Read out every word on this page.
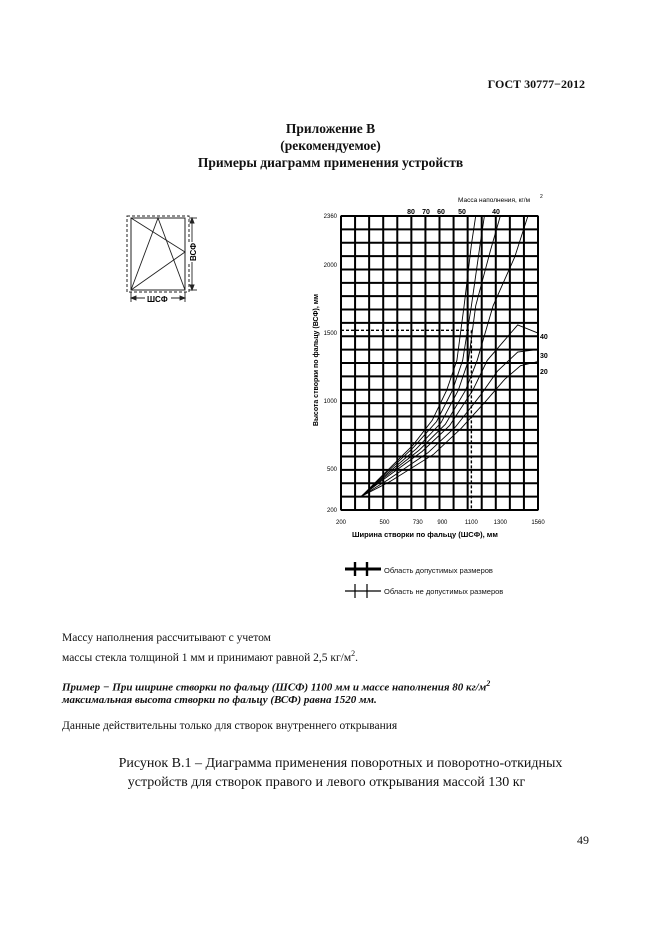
ГОСТ 30777−2012
Приложение В
(рекомендуемое)
Примеры диаграмм применения устройств
ВСФ
ШСФ
200	500	730 900	1100	1300	1560
2360
2000
1500
1000
500
200
Ширина створки по фальцу (ШСФ), мм
Высота створки по фальцу (ВСФ), мм
Масса наполнения, кг/м 2
80 70 60 50	40
40
30
20
Область допустимых размеров
Область не допустимых размеров
Массу наполнения рассчитывают с учетом
массы стекла толщиной 1 мм и принимают равной 2,5 $кг/м^2$.
Пример − При ширине створки по фальцу (ШСФ) 1100 мм и массе наполнения 80 $кг/м^2$
максимальная высота створки по фальцу (ВСФ) равна 1520 мм.
Данные действительны только для створок внутреннего открывания
Рисунок В.1 – Диаграмма применения поворотных и поворотно-откидных
устройств для створок правого и левого открывания массой 130 кг
49
